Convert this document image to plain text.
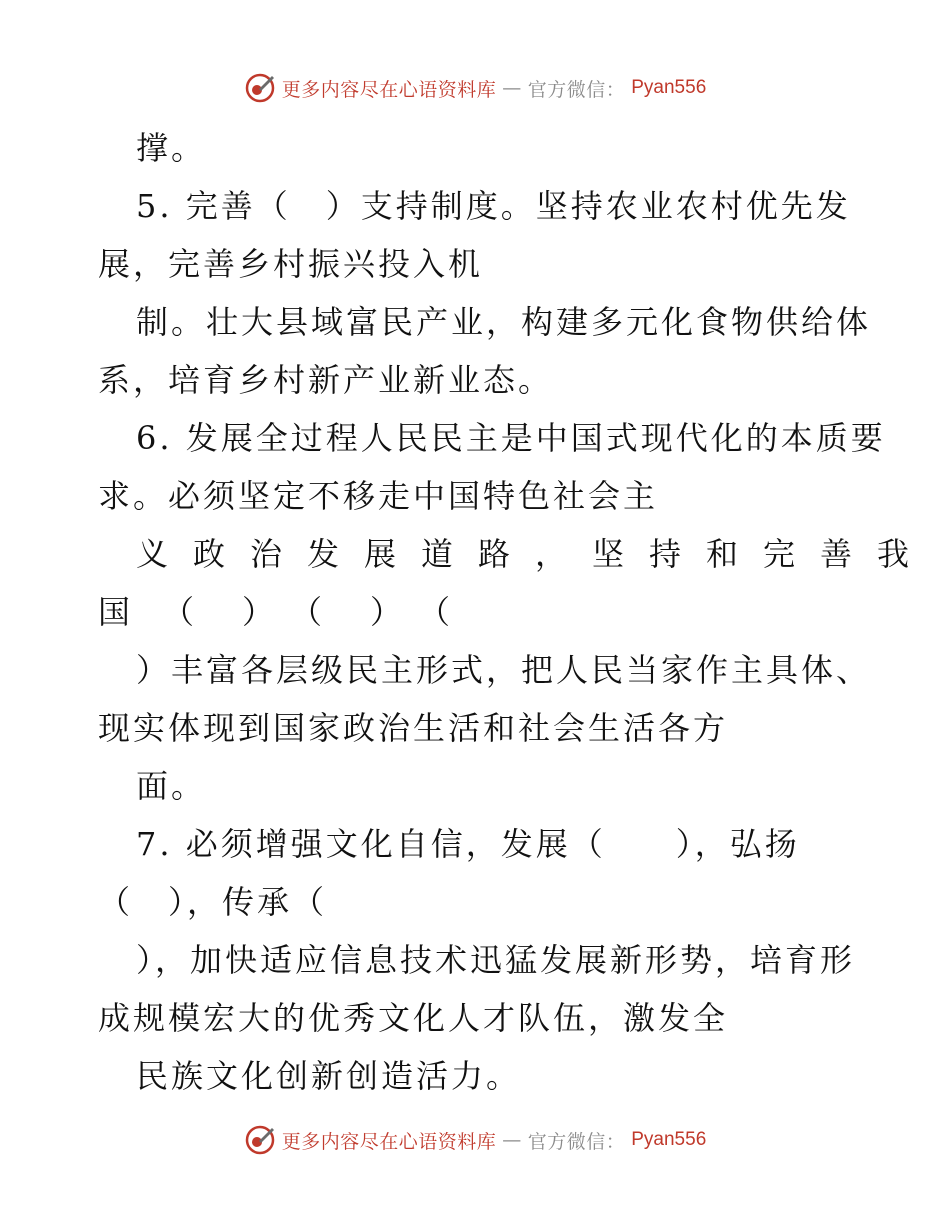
更多内容尽在心语资料库 — 官方微信： Pyan556
撑。
5. 完善（　）支持制度。坚持农业农村优先发
展，完善乡村振兴投入机
制。壮大县域富民产业，构建多元化食物供给体
系，培育乡村新产业新业态。
6. 发展全过程人民民主是中国式现代化的本质要
求。必须坚定不移走中国特色社会主
义政治发展道路，坚持和完善我
国　（　）　（　）　（
）丰富各层级民主形式，把人民当家作主具体、
现实体现到国家政治生活和社会生活各方
面。
7. 必须增强文化自信，发展（　　），弘扬
（　），传承（
），加快适应信息技术迅猛发展新形势，培育形
成规模宏大的优秀文化人才队伍，激发全
民族文化创新创造活力。
更多内容尽在心语资料库 — 官方微信： Pyan556
